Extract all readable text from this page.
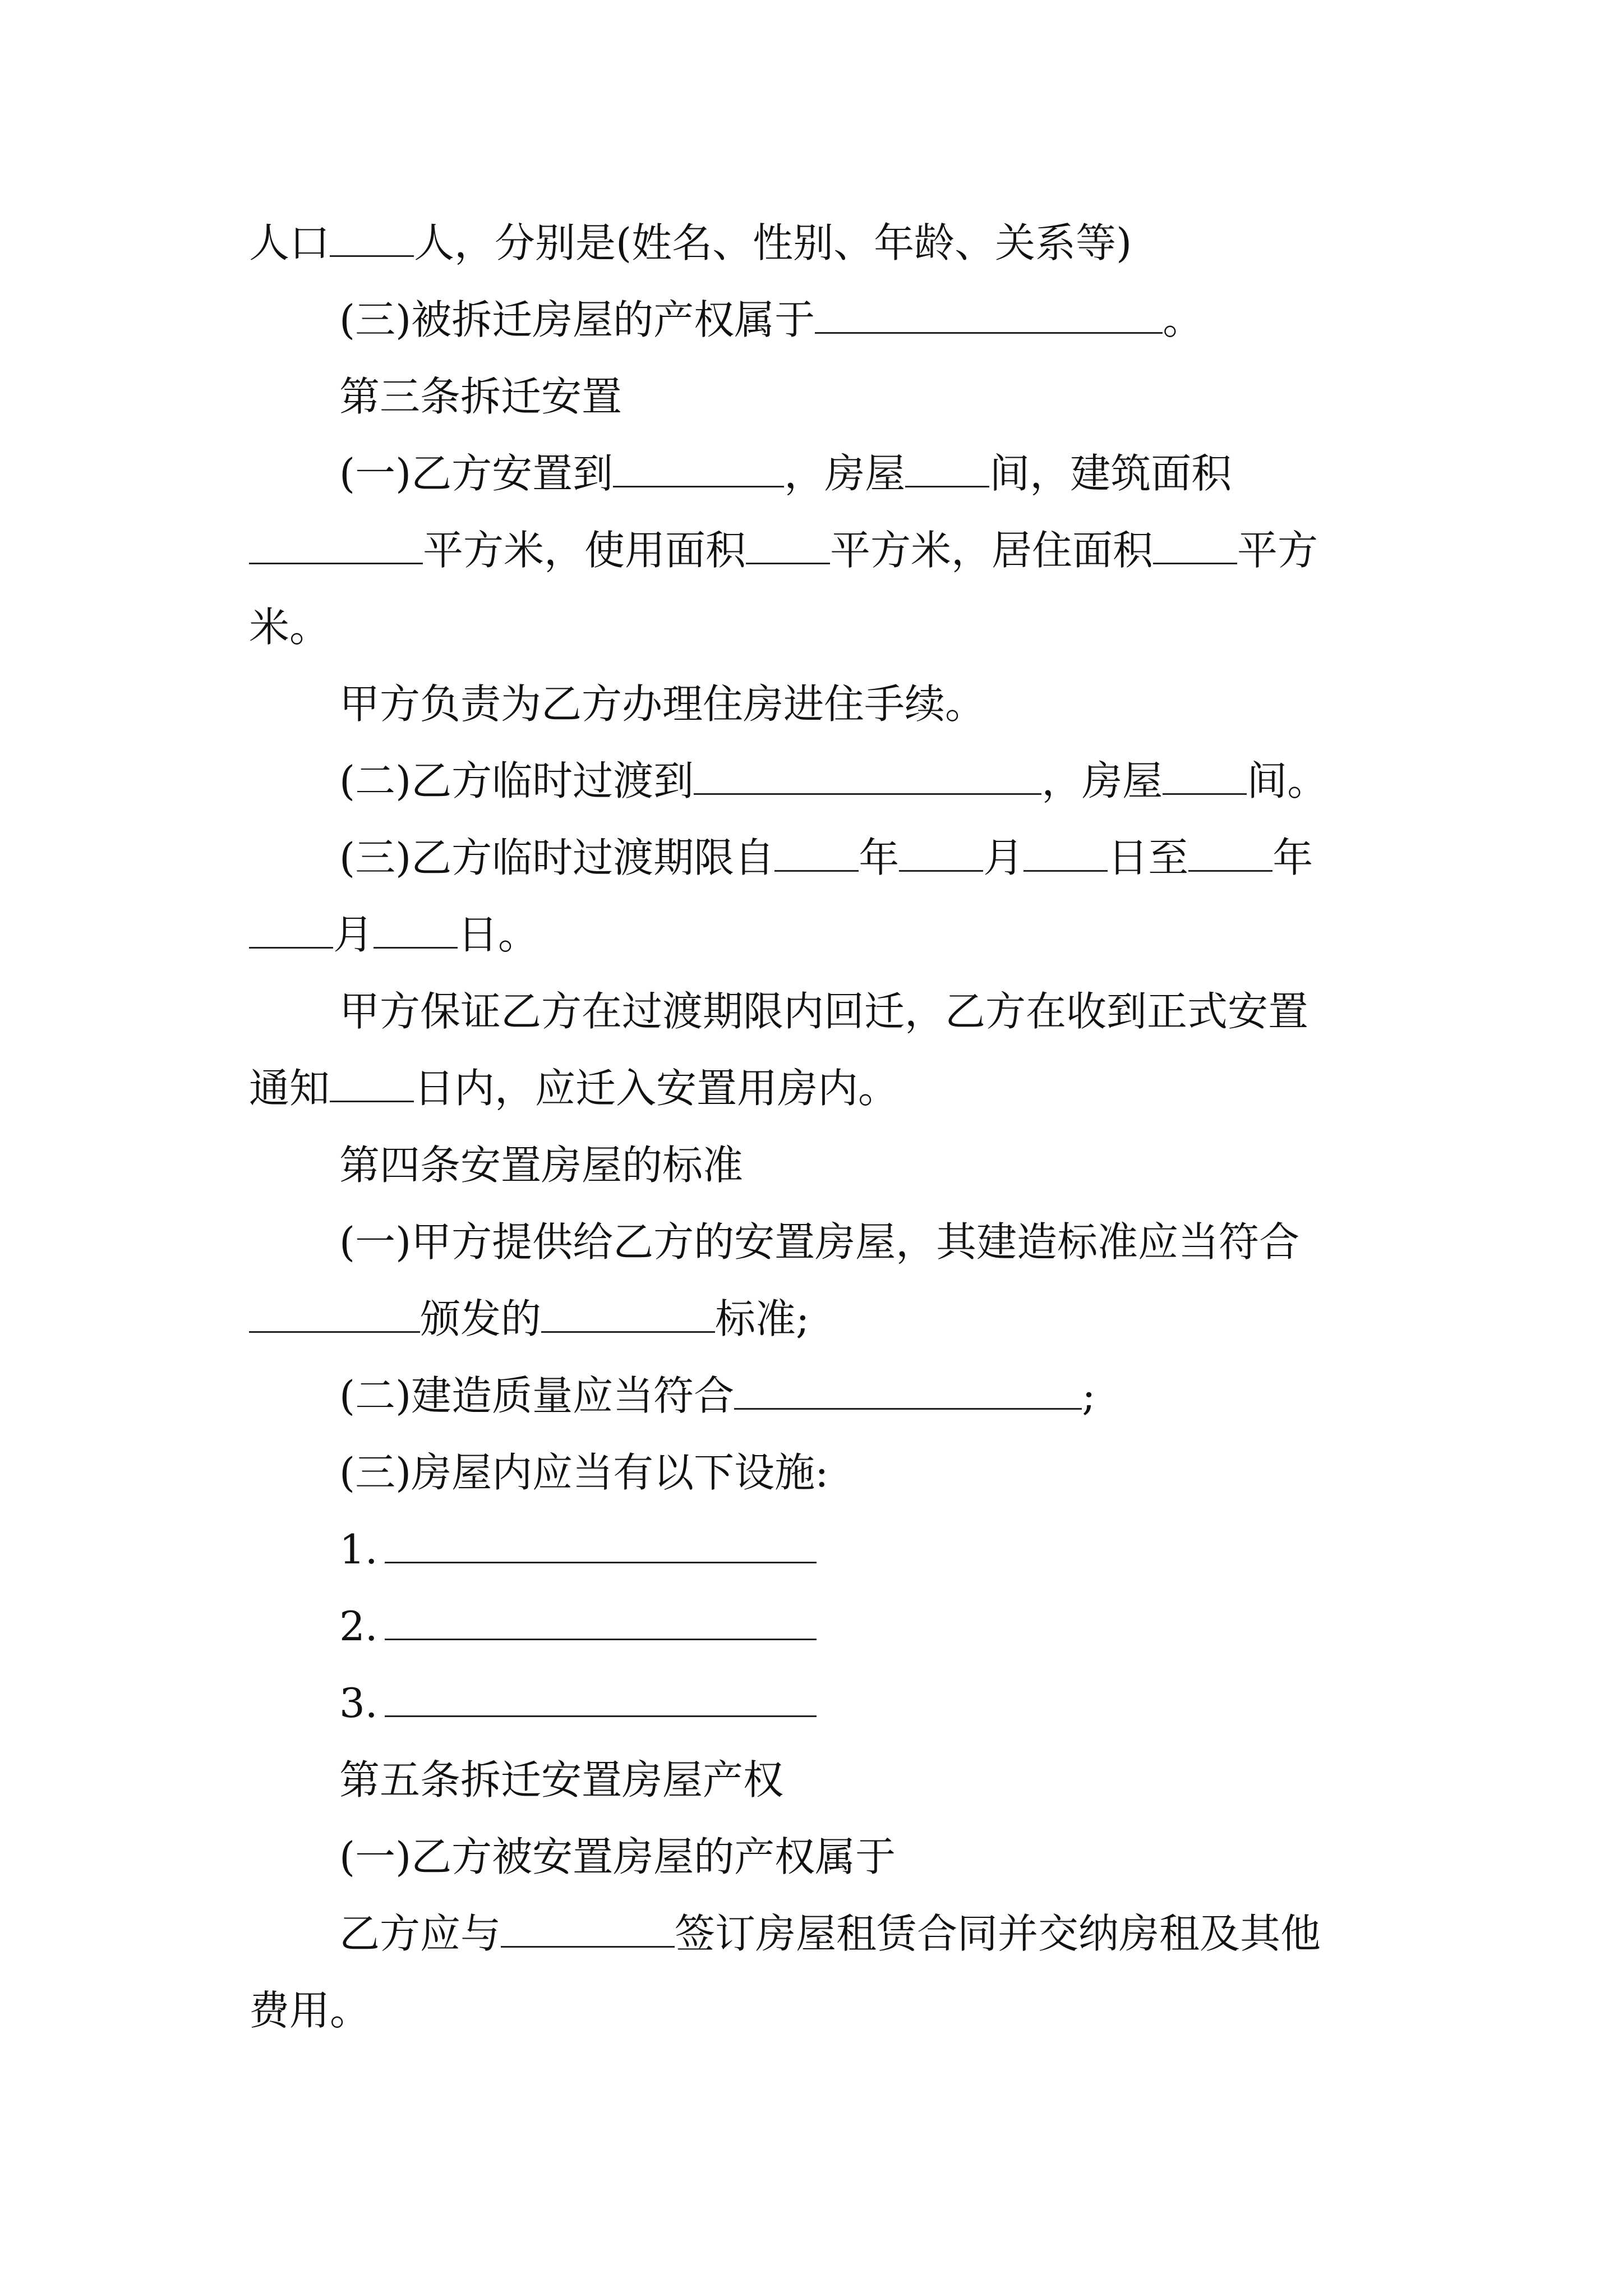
人口 人，分别是(姓名、性别、年龄、关系等)
(三)被拆迁房屋的产权属于	。
第三条拆迁安置
(一)乙方安置到	，房屋 间，建筑面积
平方米，使用面积 平方米，居住面积 平方
米。
甲方负责为乙方办理住房进住手续。
(二)乙方临时过渡到	，房屋 间。
(三)乙方临时过渡期限自 年 月 日至 年
月 日。
甲方保证乙方在过渡期限内回迁，乙方在收到正式安置
通知 日内，应迁入安置用房内。
第四条安置房屋的标准
(一)甲方提供给乙方的安置房屋，其建造标准应当符合
颁发的	标准;
(二)建造质量应当符合	;
(三)房屋内应当有以下设施:
1.
2.
3.
第五条拆迁安置房屋产权
(一)乙方被安置房屋的产权属于
乙方应与	签订房屋租赁合同并交纳房租及其他
费用。
